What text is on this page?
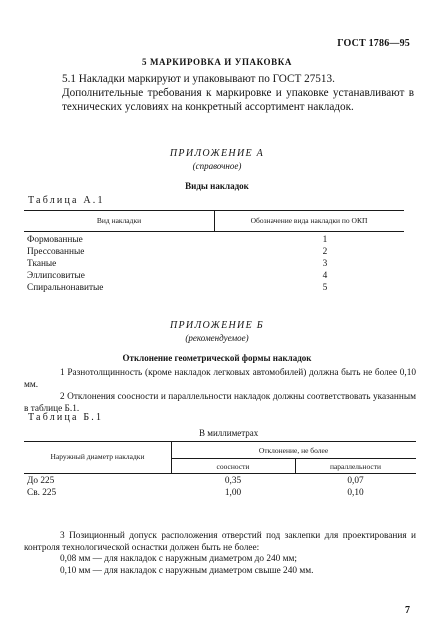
ГОСТ 1786—95
5 МАРКИРОВКА И УПАКОВКА
5.1 Накладки маркируют и упаковывают по ГОСТ 27513.
Дополнительные требования к маркировке и упаковке устанавливают в технических условиях на конкретный ассортимент накладок.
ПРИЛОЖЕНИЕ А
(справочное)
Виды накладок
Таблица А.1
Вид накладки	Обозначение вида накладки по ОКП
Формованные	1
Прессованные	2
Тканые	3
Эллипсовитые	4
Спиральнонавитые	5
ПРИЛОЖЕНИЕ Б
(рекомендуемое)
Отклонение геометрической формы накладок
1 Разнотолщинность (кроме накладок легковых автомобилей) должна быть не более 0,10 мм.
2 Отклонения соосности и параллельности накладок должны соответствовать указанным в таблице Б.1.
Таблица Б.1
В миллиметрах
Наружный диаметр накладки
Отклонение, не более
соосности	параллельности
До 225	0,35	0,07
Св. 225	1,00	0,10
3 Позиционный допуск расположения отверстий под заклепки для проектирования и контроля технологической оснастки должен быть не более:
0,08 мм — для накладок с наружным диаметром до 240 мм;
0,10 мм — для накладок с наружным диаметром свыше 240 мм.
7
